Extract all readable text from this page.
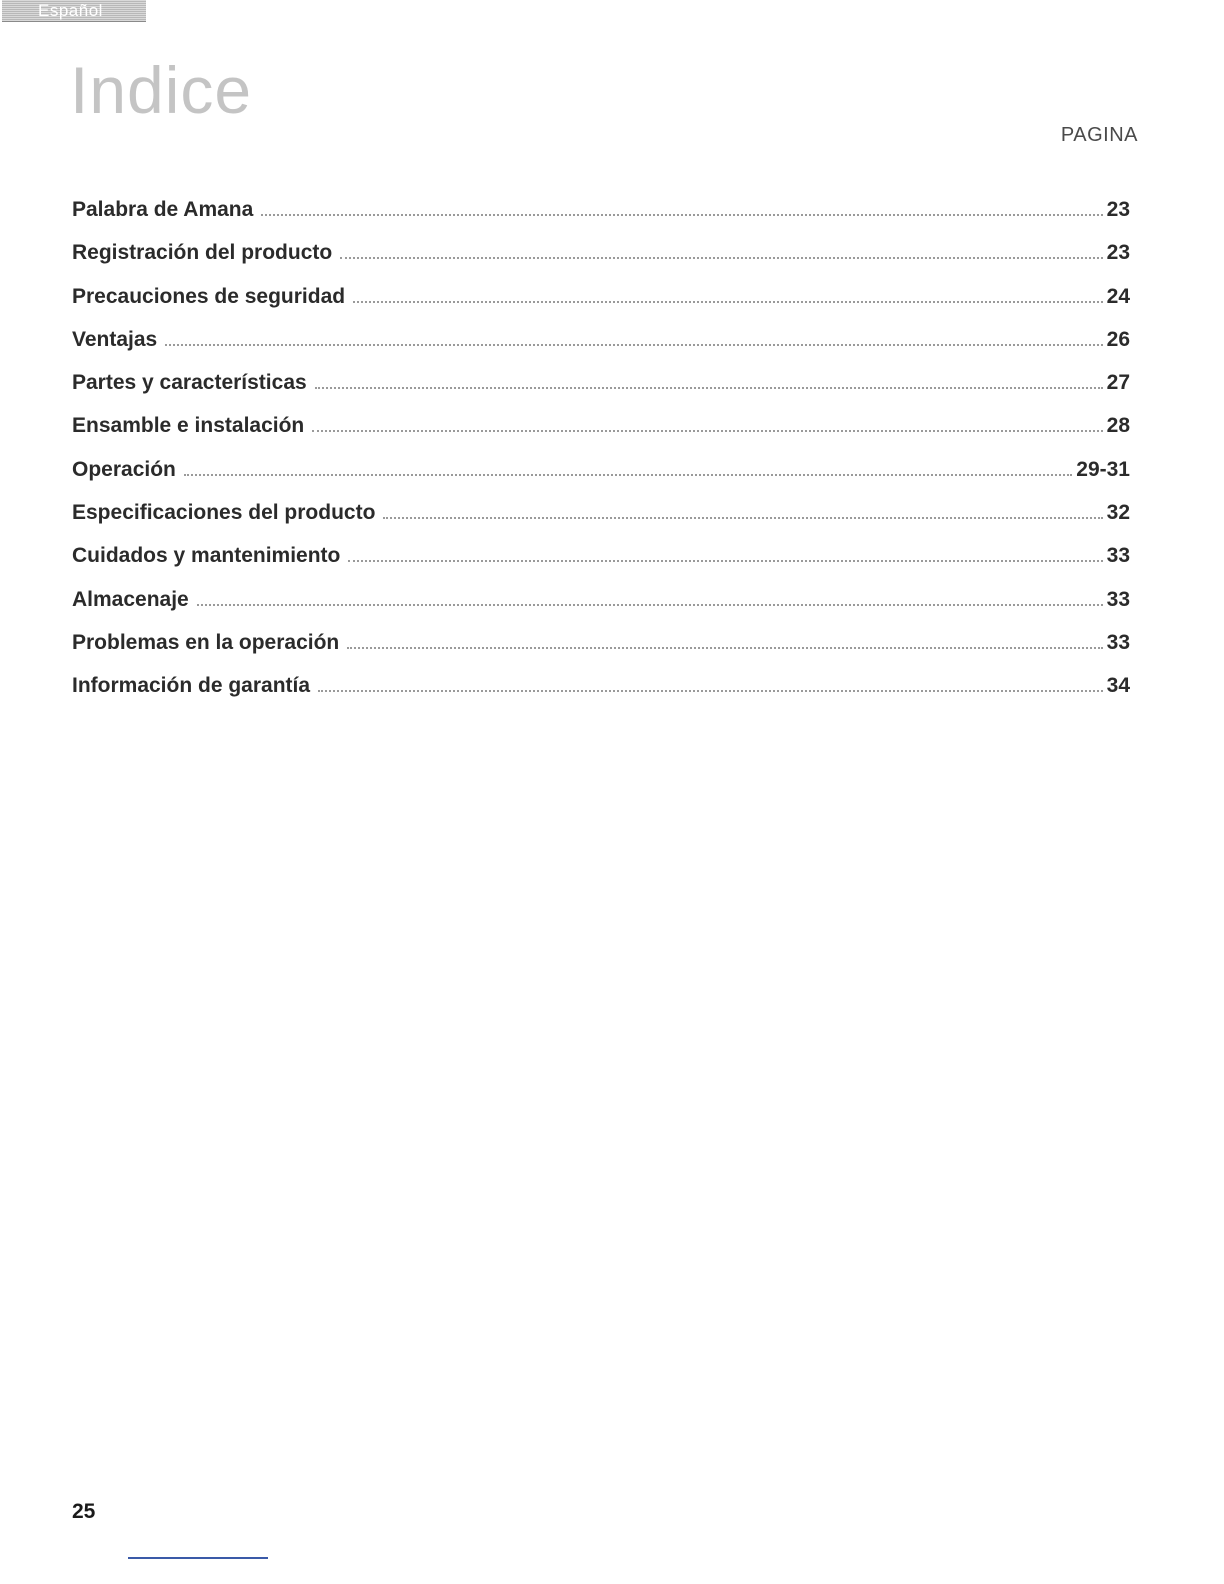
Español
Indice
PAGINA
Palabra de Amana	23
Registración del producto	23
Precauciones de seguridad	24
Ventajas	26
Partes y características	27
Ensamble e instalación	28
Operación	29-31
Especificaciones del producto	32
Cuidados y mantenimiento	33
Almacenaje	33
Problemas en la operación	33
Información de garantía	34
25
